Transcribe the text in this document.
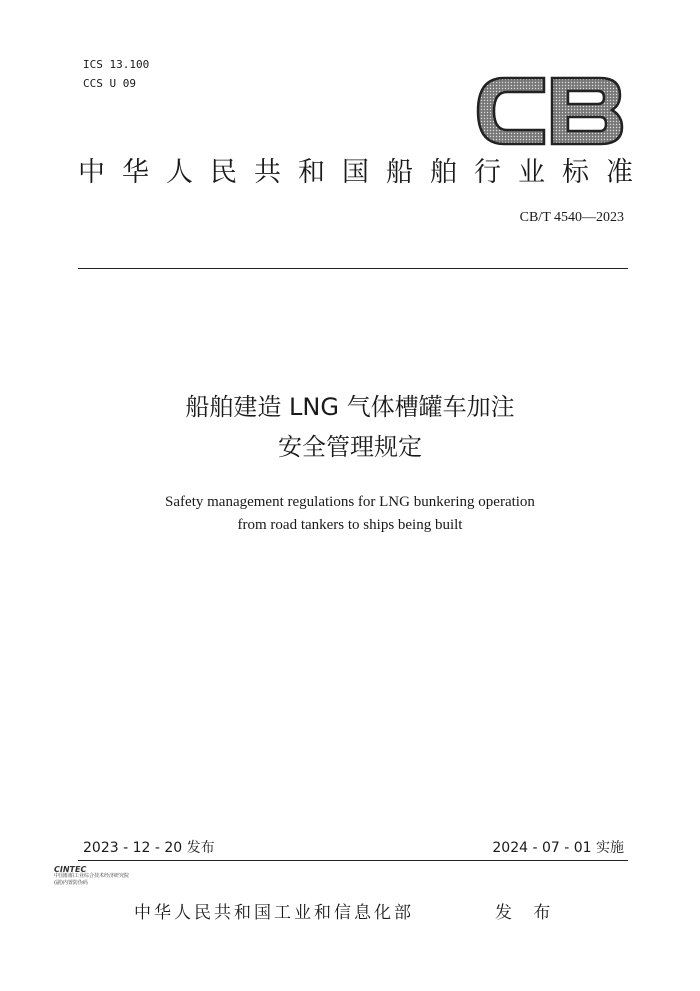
ICS 13.100
CCS U 09
中华人民共和国船舶行业标准
CB/T 4540—2023
船舶建造 LNG 气体槽罐车加注
安全管理规定
Safety management regulations for LNG bunkering operation
from road tankers to ships being built
2023 - 12 - 20 发布	2024 - 07 - 01 实施
CINTEC
中国船舶工业综合技术经济研究院
(副)内置防伪码
中华人民共和国工业和信息化部	发 布
